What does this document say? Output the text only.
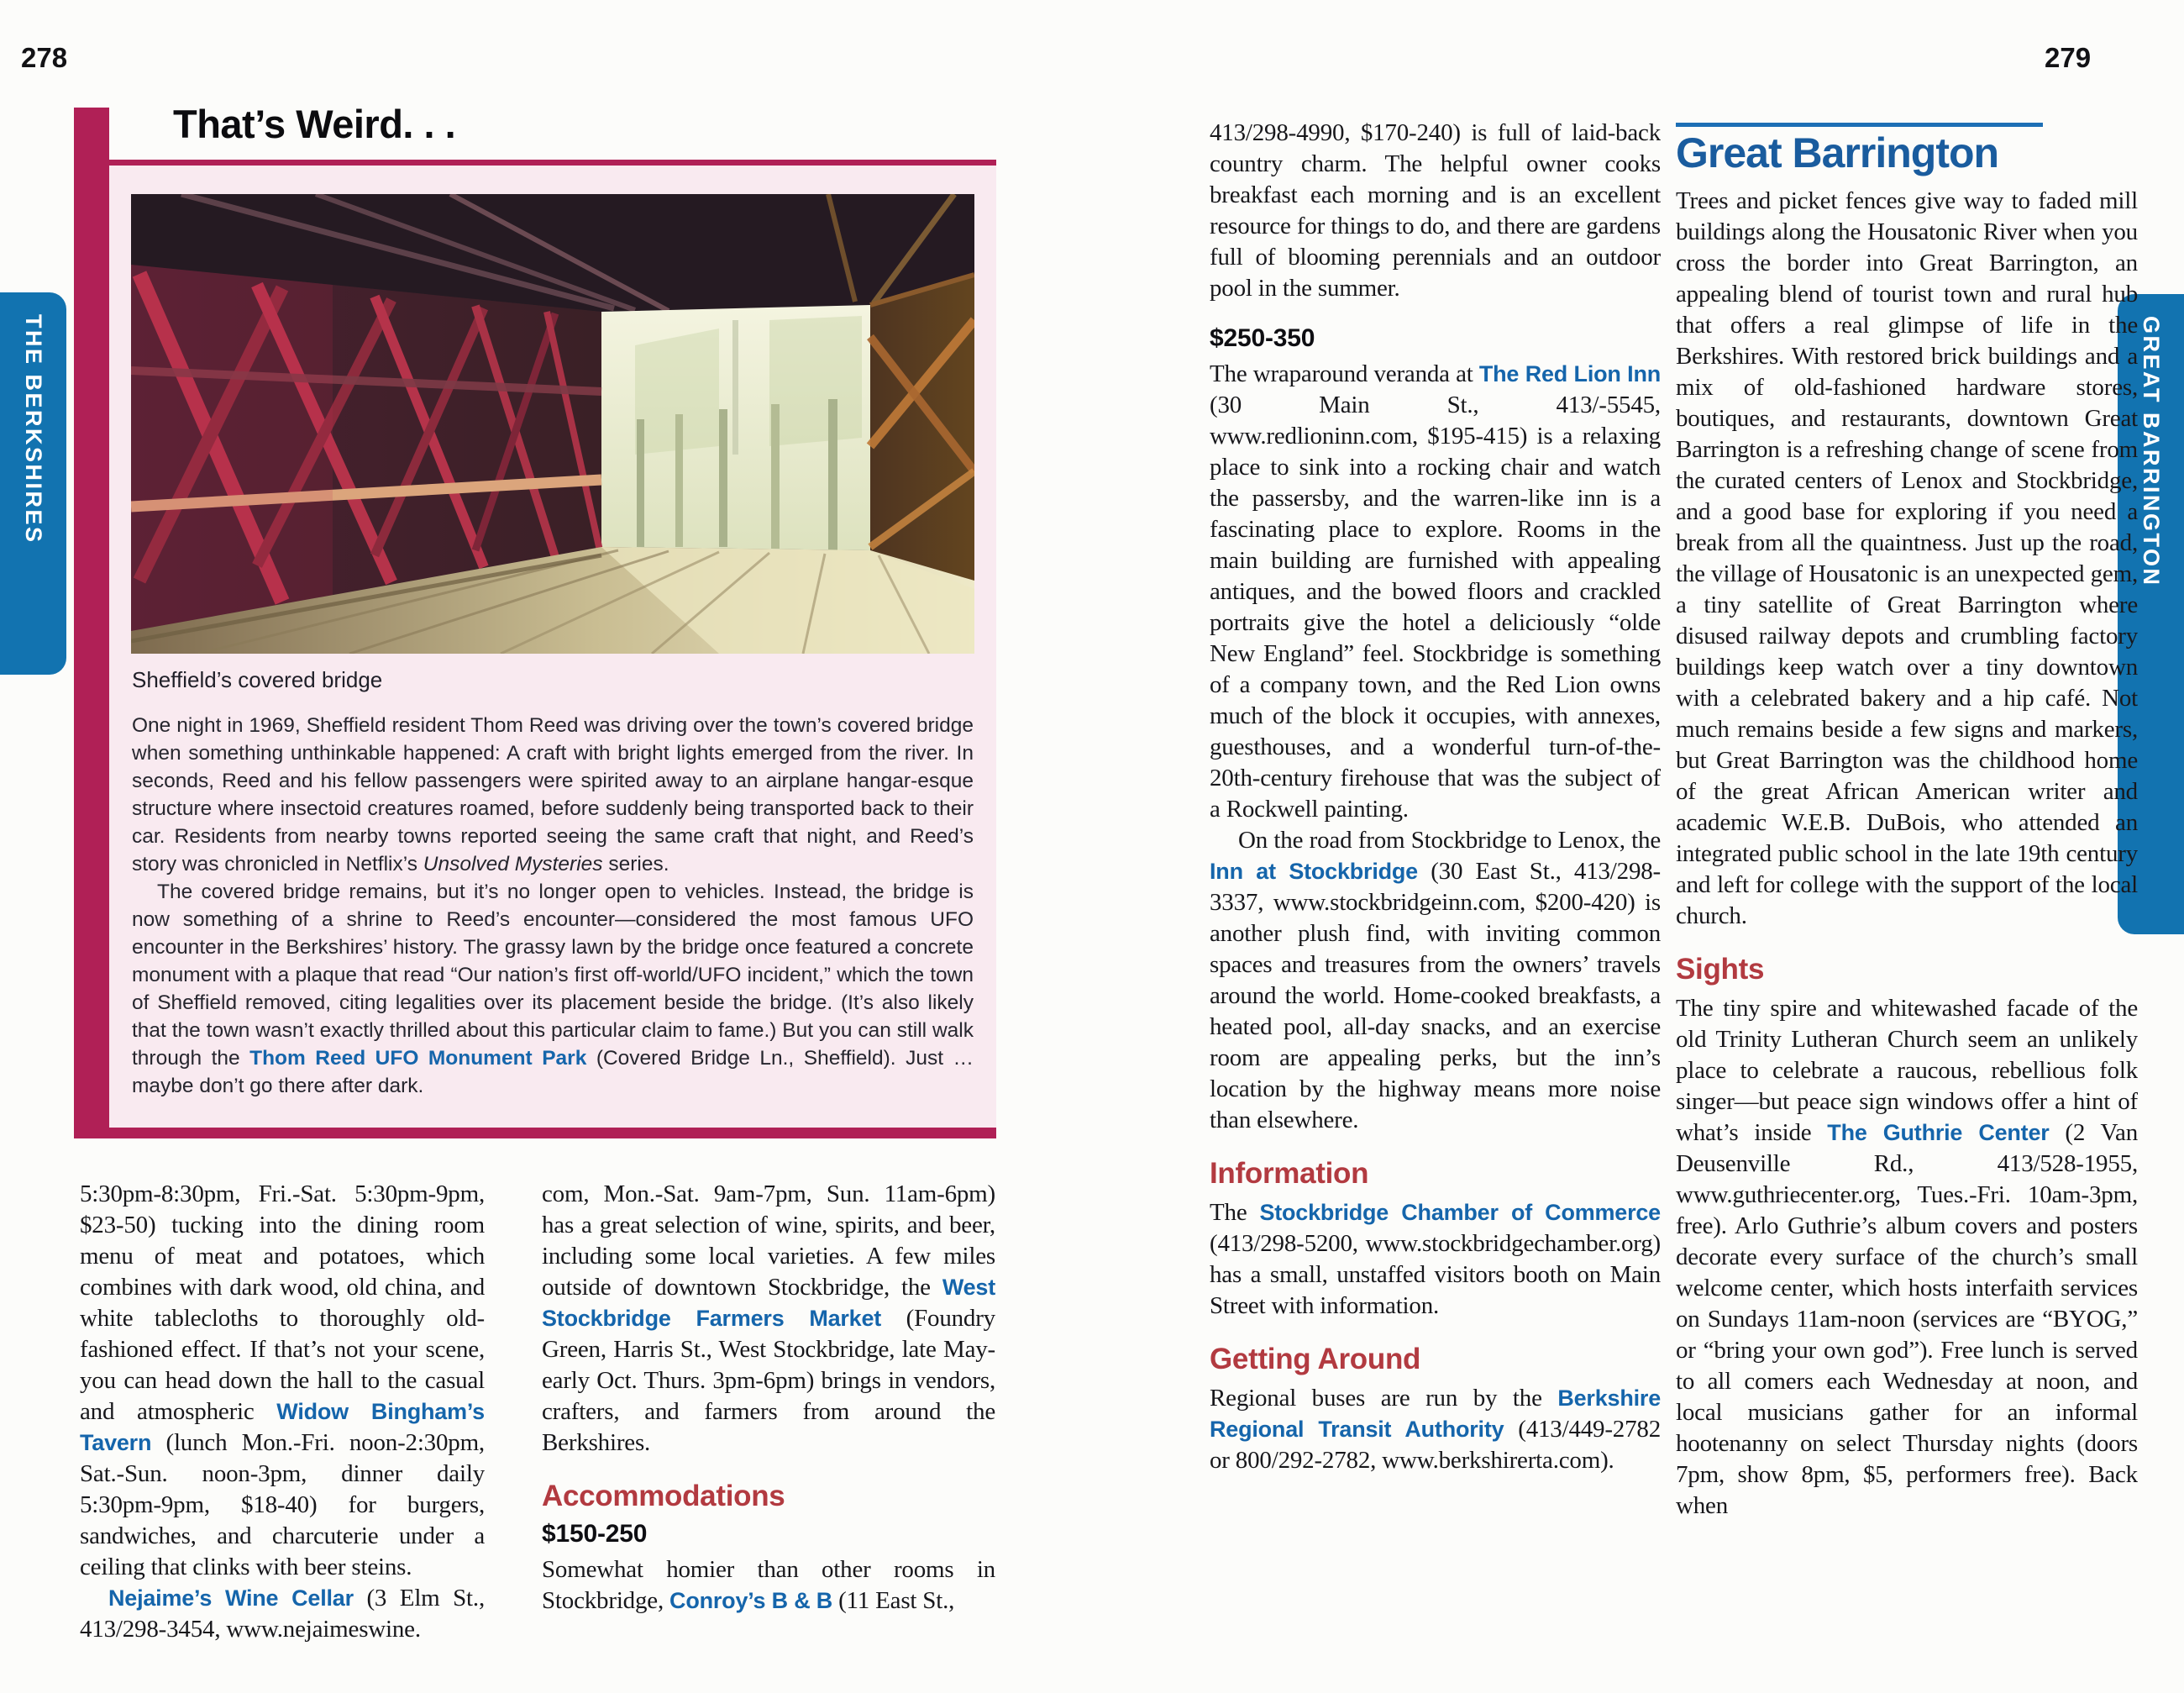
278	279
THE BERKSHIRES	GREAT BARRINGTON
That’s Weird. . .
Sheffield’s covered bridge

One night in 1969, Sheffield resident Thom Reed was driving over the town’s covered bridge when something unthinkable happened: A craft with bright lights emerged from the river. In seconds, Reed and his fellow passengers were spirited away to an airplane hangar-esque structure where insectoid creatures roamed, before suddenly being transported back to their car. Residents from nearby towns reported seeing the same craft that night, and Reed’s story was chronicled in Netflix’s Unsolved Mysteries series.

The covered bridge remains, but it’s no longer open to vehicles. Instead, the bridge is now something of a shrine to Reed’s encounter—considered the most famous UFO encounter in the Berkshires’ history. The grassy lawn by the bridge once featured a concrete monument with a plaque that read “Our nation’s first off-world/UFO incident,” which the town of Sheffield removed, citing legalities over its placement beside the bridge. (It’s also likely that the town wasn’t exactly thrilled about this particular claim to fame.) But you can still walk through the Thom Reed UFO Monument Park (Covered Bridge Ln., Sheffield). Just … maybe don’t go there after dark.

5:30pm-8:30pm, Fri.-Sat. 5:30pm-9pm, $23-50) tucking into the dining room menu of meat and potatoes, which combines with dark wood, old china, and white tablecloths to thoroughly old-fashioned effect. If that’s not your scene, you can head down the hall to the casual and atmospheric Widow Bingham’s Tavern (lunch Mon.-Fri. noon-2:30pm, Sat.-Sun. noon-3pm, dinner daily 5:30pm-9pm, $18-40) for burgers, sandwiches, and charcuterie under a ceiling that clinks with beer steins.

Nejaime’s Wine Cellar (3 Elm St., 413/298-3454, www.nejaimeswine.

com, Mon.-Sat. 9am-7pm, Sun. 11am-6pm) has a great selection of wine, spirits, and beer, including some local varieties. A few miles outside of downtown Stockbridge, the West Stockbridge Farmers Market (Foundry Green, Harris St., West Stockbridge, late May-early Oct. Thurs. 3pm-6pm) brings in vendors, crafters, and farmers from around the Berkshires.

Accommodations
$150-250

Somewhat homier than other rooms in Stockbridge, Conroy’s B & B (11 East St.,

413/298-4990, $170-240) is full of laid-back country charm. The helpful owner cooks breakfast each morning and is an excellent resource for things to do, and there are gardens full of blooming perennials and an outdoor pool in the summer.

$250-350

The wraparound veranda at The Red Lion Inn (30 Main St., 413/-5545, www.redlioninn.com, $195-415) is a relaxing place to sink into a rocking chair and watch the passersby, and the warren-like inn is a fascinating place to explore. Rooms in the main building are furnished with appealing antiques, and the bowed floors and crackled portraits give the hotel a deliciously “olde New England” feel. Stockbridge is something of a company town, and the Red Lion owns much of the block it occupies, with annexes, guesthouses, and a wonderful turn-of-the-20th-century firehouse that was the subject of a Rockwell painting.

On the road from Stockbridge to Lenox, the Inn at Stockbridge (30 East St., 413/298-3337, www.stockbridgeinn.com, $200-420) is another plush find, with inviting common spaces and treasures from the owners’ travels around the world. Home-cooked breakfasts, a heated pool, all-day snacks, and an exercise room are appealing perks, but the inn’s location by the highway means more noise than elsewhere.

Information

The Stockbridge Chamber of Commerce (413/298-5200, www.stockbridgechamber.org) has a small, unstaffed visitors booth on Main Street with information.

Getting Around

Regional buses are run by the Berkshire Regional Transit Authority (413/449-2782 or 800/292-2782, www.berkshirerta.com).

Great Barrington

Trees and picket fences give way to faded mill buildings along the Housatonic River when you cross the border into Great Barrington, an appealing blend of tourist town and rural hub that offers a real glimpse of life in the Berkshires. With restored brick buildings and a mix of old-fashioned hardware stores, boutiques, and restaurants, downtown Great Barrington is a refreshing change of scene from the curated centers of Lenox and Stockbridge, and a good base for exploring if you need a break from all the quaintness. Just up the road, the village of Housatonic is an unexpected gem, a tiny satellite of Great Barrington where disused railway depots and crumbling factory buildings keep watch over a tiny downtown with a celebrated bakery and a hip café. Not much remains beside a few signs and markers, but Great Barrington was the childhood home of the great African American writer and academic W.E.B. DuBois, who attended an integrated public school in the late 19th century and left for college with the support of the local church.

Sights

The tiny spire and whitewashed facade of the old Trinity Lutheran Church seem an unlikely place to celebrate a raucous, rebellious folk singer—but peace sign windows offer a hint of what’s inside The Guthrie Center (2 Van Deusenville Rd., 413/528-1955, www.guthriecenter.org, Tues.-Fri. 10am-3pm, free). Arlo Guthrie’s album covers and posters decorate every surface of the church’s small welcome center, which hosts interfaith services on Sundays 11am-noon (services are “BYOG,” or “bring your own god”). Free lunch is served to all comers each Wednesday at noon, and local musicians gather for an informal hootenanny on select Thursday nights (doors 7pm, show 8pm, $5, performers free). Back when
